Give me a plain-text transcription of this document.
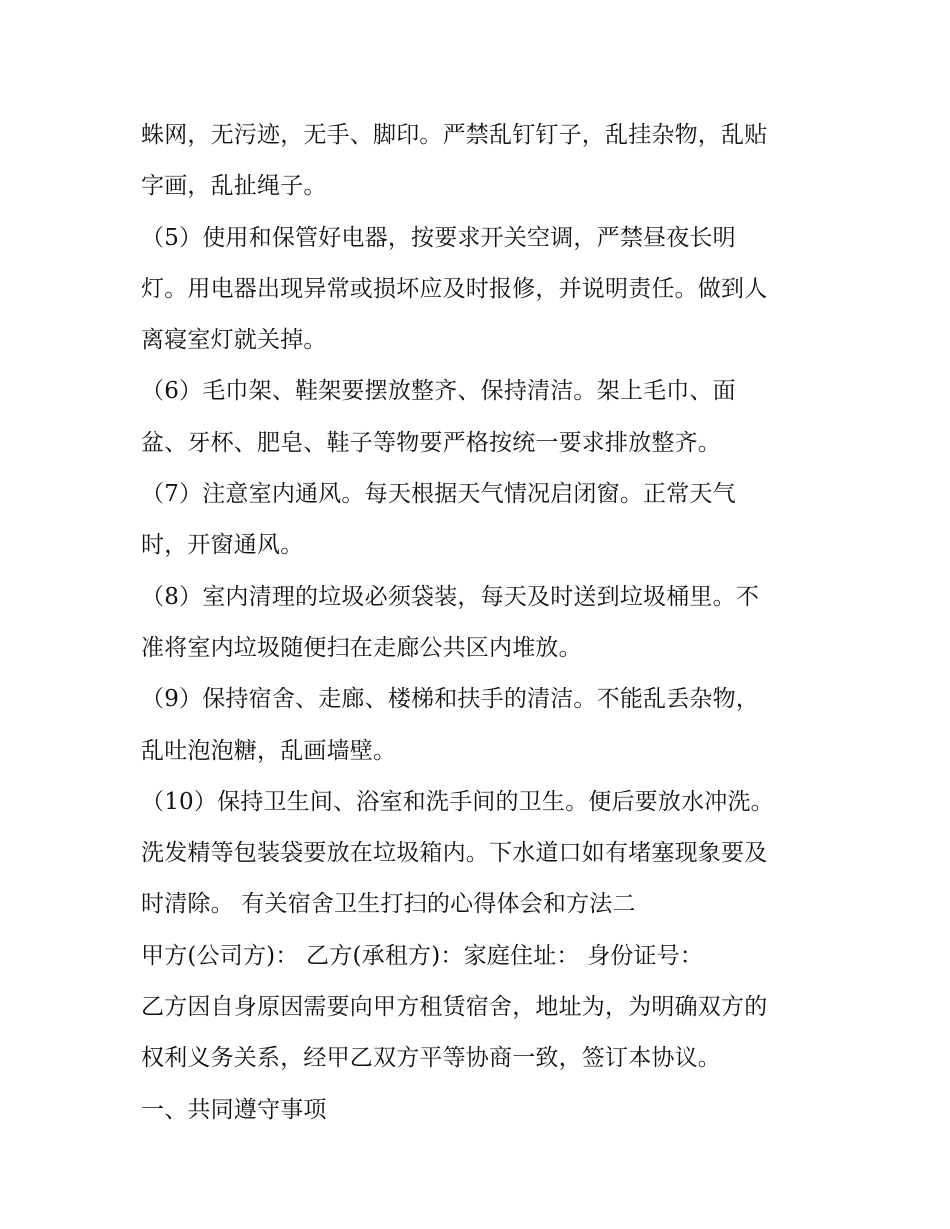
蛛网，无污迹，无手、脚印。严禁乱钉钉子，乱挂杂物，乱贴
字画，乱扯绳子。
（5）使用和保管好电器，按要求开关空调，严禁昼夜长明
灯。用电器出现异常或损坏应及时报修，并说明责任。做到人
离寝室灯就关掉。
（6）毛巾架、鞋架要摆放整齐、保持清洁。架上毛巾、面
盆、牙杯、肥皂、鞋子等物要严格按统一要求排放整齐。
（7）注意室内通风。每天根据天气情况启闭窗。正常天气
时，开窗通风。
（8）室内清理的垃圾必须袋装，每天及时送到垃圾桶里。不
准将室内垃圾随便扫在走廊公共区内堆放。
（9）保持宿舍、走廊、楼梯和扶手的清洁。不能乱丢杂物，
乱吐泡泡糖，乱画墙壁。
（10）保持卫生间、浴室和洗手间的卫生。便后要放水冲洗。
洗发精等包装袋要放在垃圾箱内。下水道口如有堵塞现象要及
时清除。 有关宿舍卫生打扫的心得体会和方法二
甲方(公司方)： 乙方(承租方)：家庭住址： 身份证号：
乙方因自身原因需要向甲方租赁宿舍，地址为，为明确双方的
权利义务关系，经甲乙双方平等协商一致，签订本协议。
一、共同遵守事项
